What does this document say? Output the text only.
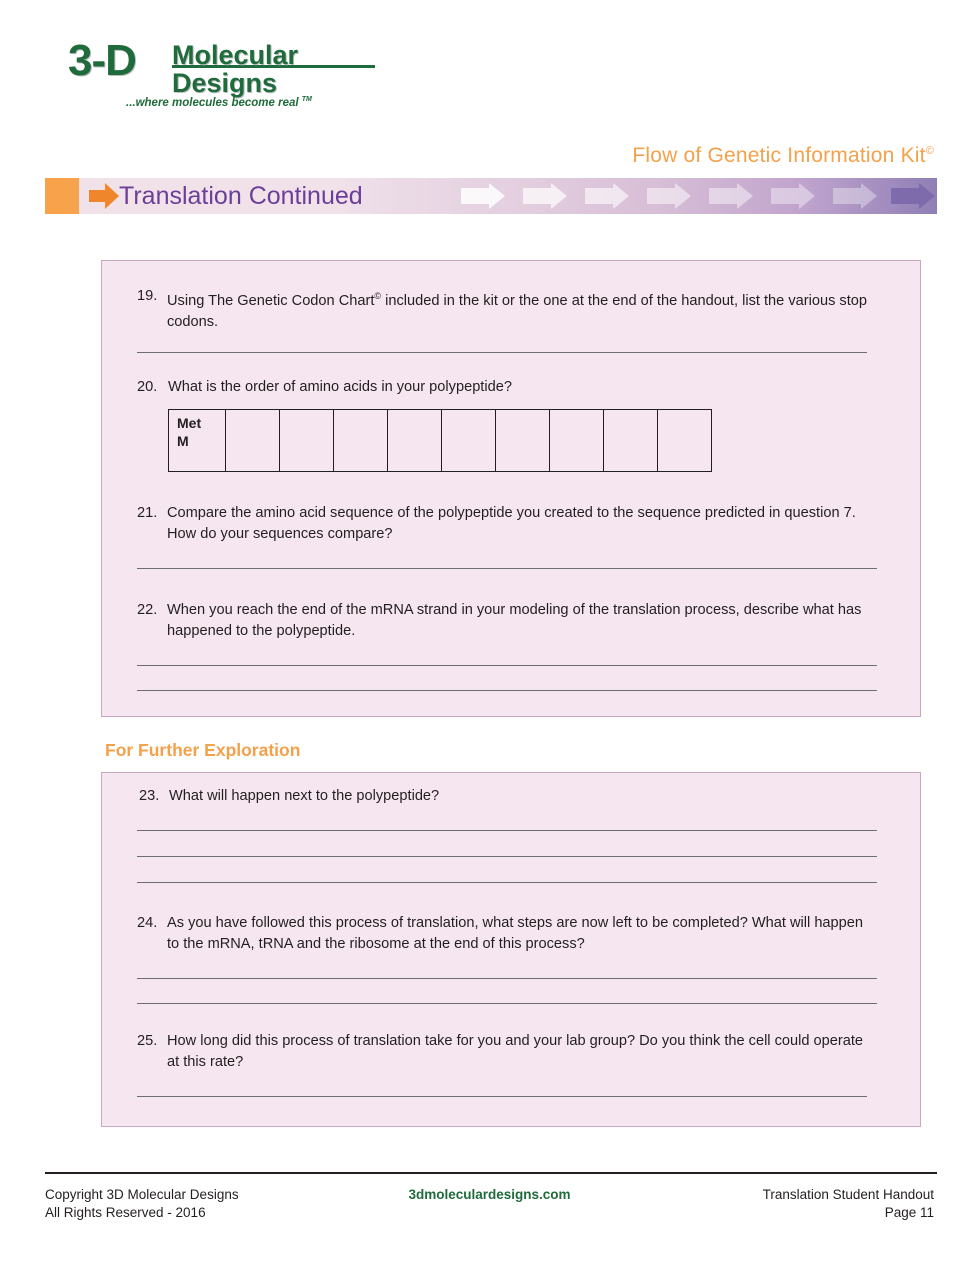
3-D Molecular
Designs
...where molecules become real ™
Flow of Genetic Information Kit©
Translation Continued
19. Using The Genetic Codon Chart© included in the kit or the one at the end of the handout, list the various stop codons.
20. What is the order of amino acids in your polypeptide?
Met
M									
21. Compare the amino acid sequence of the polypeptide you created to the sequence predicted in question 7. How do your sequences compare?
22. When you reach the end of the mRNA strand in your modeling of the translation process, describe what has happened to the polypeptide.
For Further Exploration
23. What will happen next to the polypeptide?
24. As you have followed this process of translation, what steps are now left to be completed? What will happen to the mRNA, tRNA and the ribosome at the end of this process?
25. How long did this process of translation take for you and your lab group? Do you think the cell could operate at this rate?
Copyright 3D Molecular Designs
All Rights Reserved - 2016
3dmoleculardesigns.com	Translation Student Handout
Page 11
